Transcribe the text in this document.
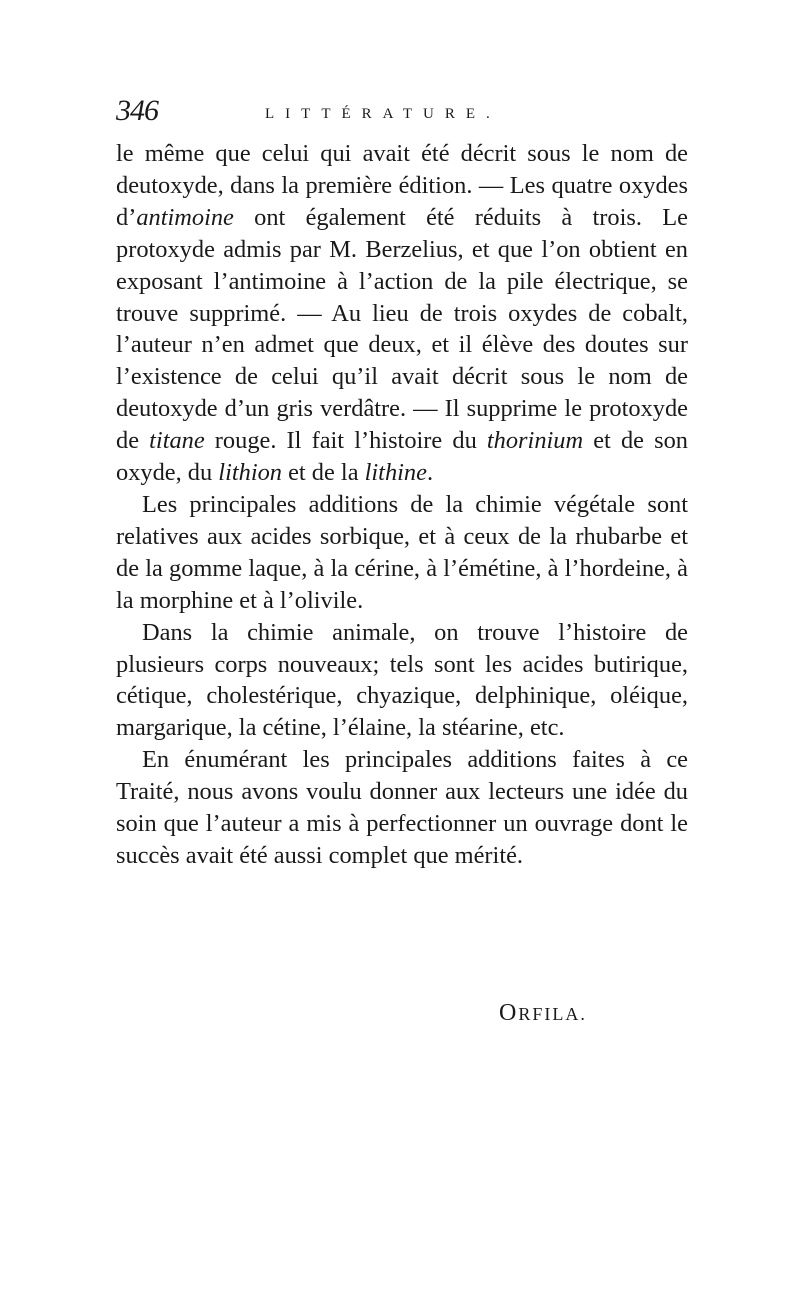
346	LITTÉRATURE.

le même que celui qui avait été décrit sous le nom de deutoxyde, dans la première édition. — Les quatre oxydes d’antimoine ont également été réduits à trois. Le protoxyde admis par M. Berzelius, et que l’on obtient en exposant l’antimoine à l’action de la pile électrique, se trouve supprimé. — Au lieu de trois oxydes de cobalt, l’auteur n’en admet que deux, et il élève des doutes sur l’existence de celui qu’il avait décrit sous le nom de deutoxyde d’un gris verdâtre. — Il supprime le protoxyde de titane rouge. Il fait l’histoire du thorinium et de son oxyde, du lithion et de la lithine.

Les principales additions de la chimie végétale sont relatives aux acides sorbique, et à ceux de la rhubarbe et de la gomme laque, à la cérine, à l’émétine, à l’hordeine, à la morphine et à l’olivile.

Dans la chimie animale, on trouve l’histoire de plusieurs corps nouveaux; tels sont les acides butirique, cétique, cholestérique, chyazique, delphinique, oléique, margarique, la cétine, l’élaine, la stéarine, etc.

En énumérant les principales additions faites à ce Traité, nous avons voulu donner aux lecteurs une idée du soin que l’auteur a mis à perfectionner un ouvrage dont le succès avait été aussi complet que mérité.

ORFILA.
